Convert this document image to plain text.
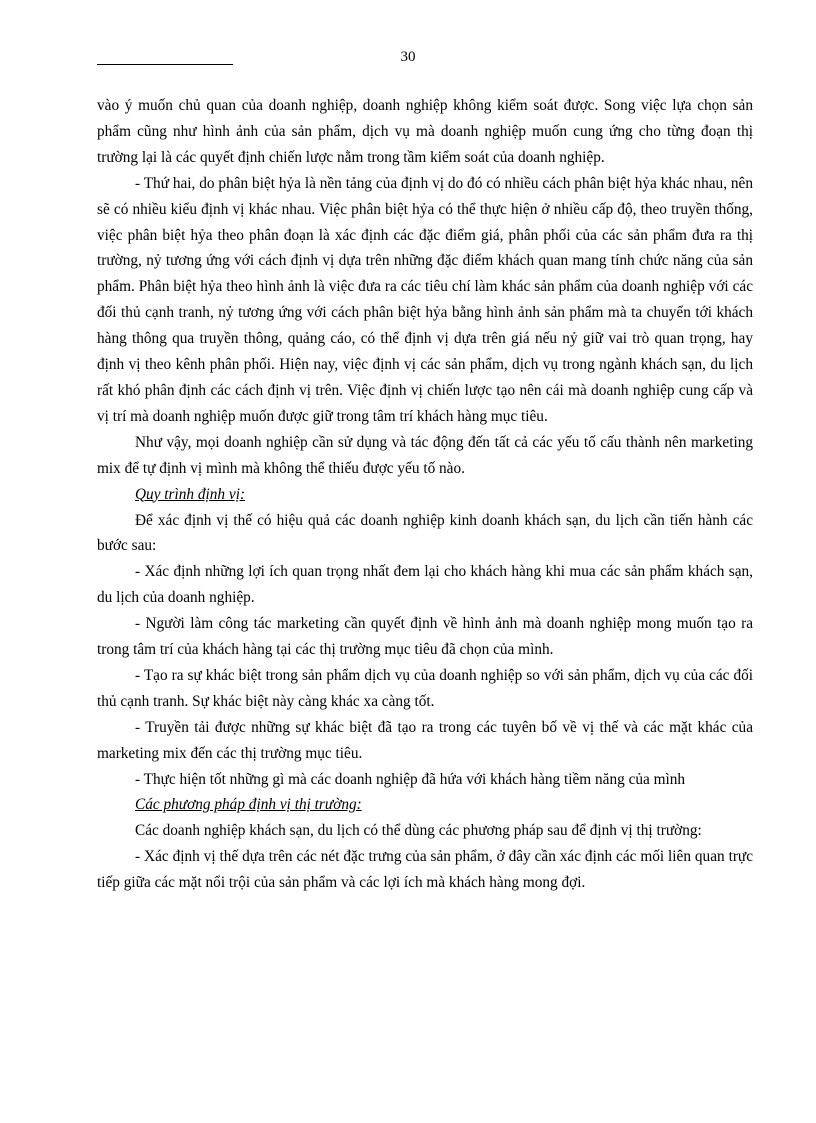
30

vào ý muốn chủ quan của doanh nghiệp, doanh nghiệp không kiểm soát được. Song việc lựa chọn sản phẩm cũng như hình ảnh của sản phẩm, dịch vụ mà doanh nghiệp muốn cung ứng cho từng đoạn thị trường lại là các quyết định chiến lược nằm trong tầm kiểm soát của doanh nghiệp.

- Thứ hai, do phân biệt hỷa là nền tảng của định vị do đó có nhiều cách phân biệt hỷa khác nhau, nên sẽ có nhiều kiểu định vị khác nhau. Việc phân biệt hỷa có thể thực hiện ở nhiều cấp độ, theo truyền thống, việc phân biệt hỷa theo phân đoạn là xác định các đặc điểm giá, phân phối của các sản phẩm đưa ra thị trường, nỷ tương ứng với cách định vị dựa trên những đặc điểm khách quan mang tính chức năng của sản phẩm. Phân biệt hỷa theo hình ảnh là việc đưa ra các tiêu chí làm khác sản phẩm của doanh nghiệp với các đối thủ cạnh tranh, nỷ tương ứng với cách phân biệt hỷa bằng hình ảnh sản phẩm mà ta chuyển tới khách hàng thông qua truyền thông, quảng cáo, có thể định vị dựa trên giá nếu nỷ giữ vai trò quan trọng, hay định vị theo kênh phân phối. Hiện nay, việc định vị các sản phẩm, dịch vụ trong ngành khách sạn, du lịch rất khó phân định các cách định vị trên. Việc định vị chiến lược tạo nên cái mà doanh nghiệp cung cấp và vị trí mà doanh nghiệp muốn được giữ trong tâm trí khách hàng mục tiêu.

Như vậy, mọi doanh nghiệp cần sử dụng và tác động đến tất cả các yếu tố cấu thành nên marketing mix để tự định vị mình mà không thể thiếu được yếu tố nào.

Quy trình định vị:

Để xác định vị thế có hiệu quả các doanh nghiệp kinh doanh khách sạn, du lịch cần tiến hành các bước sau:

- Xác định những lợi ích quan trọng nhất đem lại cho khách hàng khi mua các sản phẩm khách sạn, du lịch của doanh nghiệp.

- Người làm công tác marketing cần quyết định về hình ảnh mà doanh nghiệp mong muốn tạo ra trong tâm trí của khách hàng tại các thị trường mục tiêu đã chọn của mình.

- Tạo ra sự khác biệt trong sản phẩm dịch vụ của doanh nghiệp so với sản phẩm, dịch vụ của các đối thủ cạnh tranh. Sự khác biệt này càng khác xa càng tốt.

- Truyền tải được những sự khác biệt đã tạo ra trong các tuyên bố về vị thế và các mặt khác của marketing mix đến các thị trường mục tiêu.

- Thực hiện tốt những gì mà các doanh nghiệp đã hứa với khách hàng tiềm năng của mình

Các phương pháp định vị thị trường:

Các doanh nghiệp khách sạn, du lịch có thể dùng các phương pháp sau để định vị thị trường:

- Xác định vị thế dựa trên các nét đặc trưng của sản phẩm, ở đây cần xác định các mối liên quan trực tiếp giữa các mặt nổi trội của sản phẩm và các lợi ích mà khách hàng mong đợi.
